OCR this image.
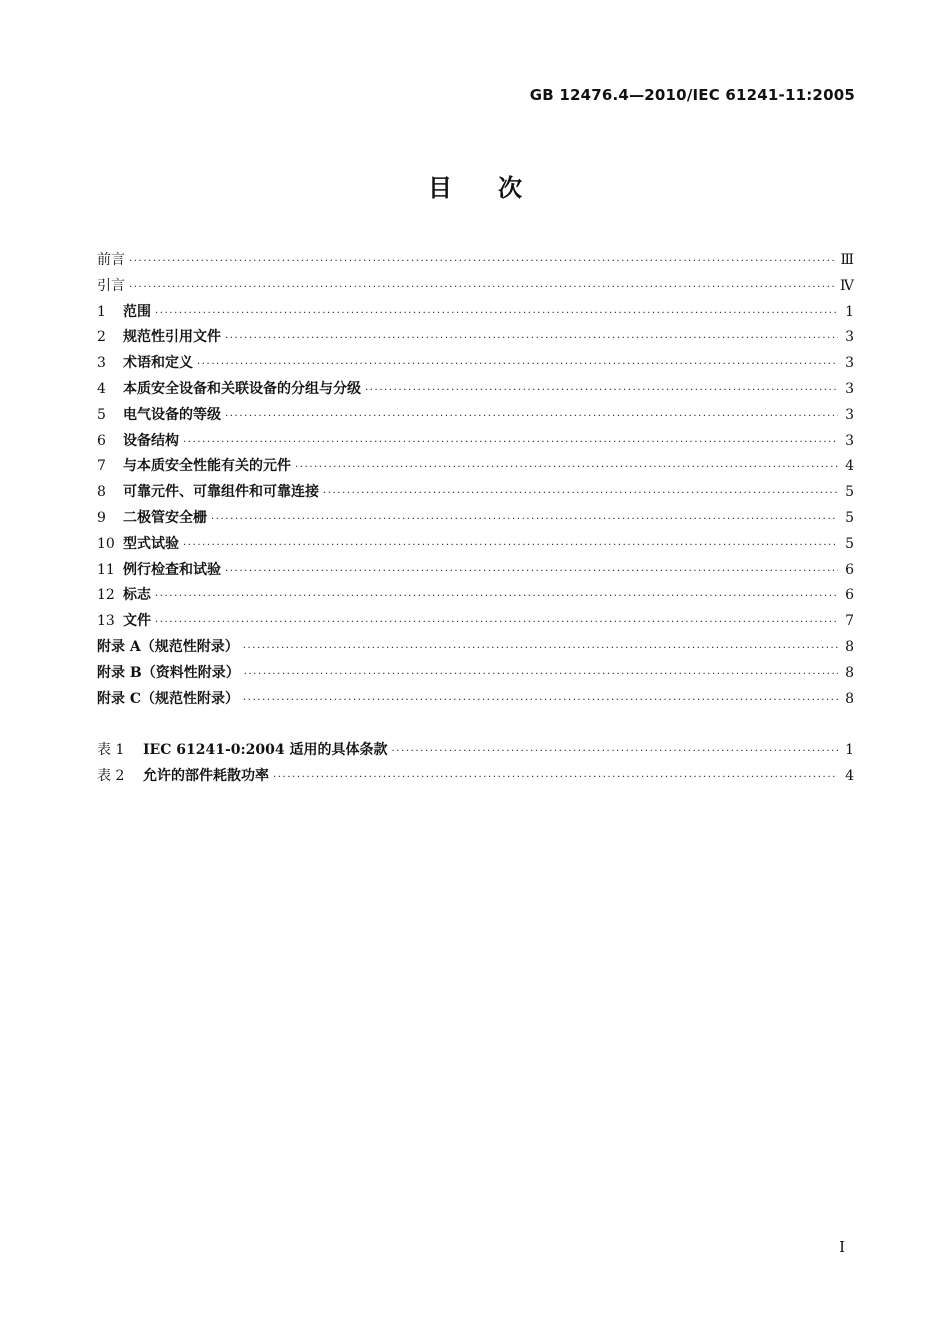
GB 12476.4—2010/IEC 61241-11:2005
目次
前言 ·····	Ⅲ
引言 ·····	Ⅳ
1	范围 ·····	1
2	规范性引用文件 ·····	3
3	术语和定义 ·····	3
4	本质安全设备和关联设备的分组与分级 ·····	3
5	电气设备的等级 ·····	3
6	设备结构 ·····	3
7	与本质安全性能有关的元件 ·····	4
8	可靠元件、可靠组件和可靠连接 ·····	5
9	二极管安全栅 ·····	5
10 型式试验 ·····	5
11 例行检查和试验 ·····	6
12 标志 ·····	6
13 文件 ·····	7
附录 A（规范性附录） ·····	8
附录 B（资料性附录） ·····	8
附录 C（规范性附录） ·····	8
表 1	IEC 61241-0:2004 适用的具体条款 ·····	1
表 2	允许的部件耗散功率 ·····	4
I
